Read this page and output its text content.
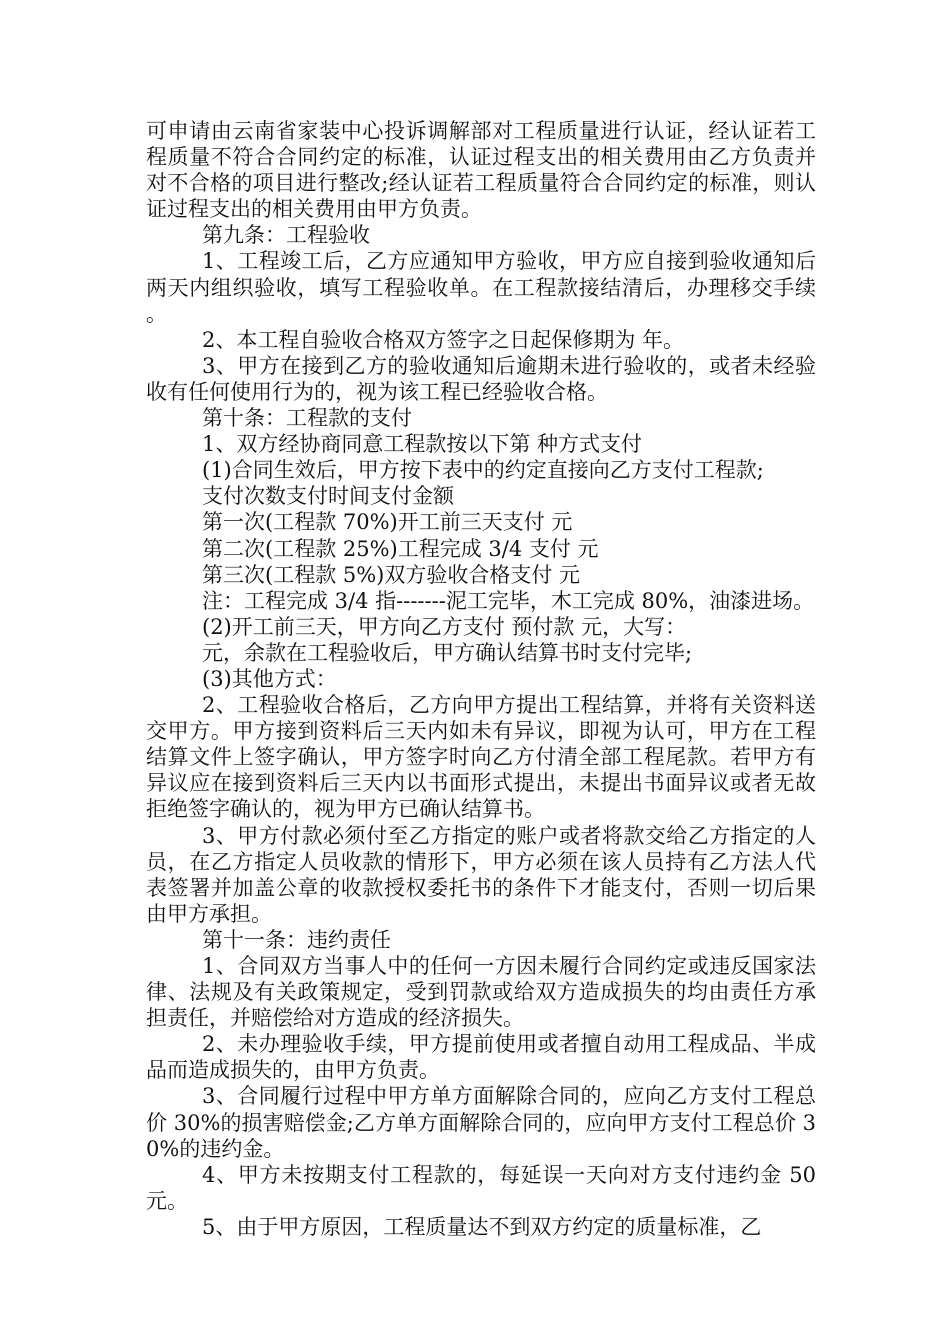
可申请由云南省家装中心投诉调解部对工程质量进行认证，经认证若工程质量不符合合同约定的标准，认证过程支出的相关费用由乙方负责并对不合格的项目进行整改;经认证若工程质量符合合同约定的标准，则认证过程支出的相关费用由甲方负责。

第九条：工程验收

1、工程竣工后，乙方应通知甲方验收，甲方应自接到验收通知后两天内组织验收，填写工程验收单。在工程款接结清后，办理移交手续。

2、本工程自验收合格双方签字之日起保修期为 年。

3、甲方在接到乙方的验收通知后逾期未进行验收的，或者未经验收有任何使用行为的，视为该工程已经验收合格。

第十条：工程款的支付

1、双方经协商同意工程款按以下第 种方式支付

(1)合同生效后，甲方按下表中的约定直接向乙方支付工程款;

支付次数支付时间支付金额

第一次(工程款 70%)开工前三天支付 元

第二次(工程款 25%)工程完成 3/4 支付 元

第三次(工程款 5%)双方验收合格支付 元

注：工程完成 3/4 指-------泥工完毕，木工完成 80%，油漆进场。

(2)开工前三天，甲方向乙方支付 预付款 元，大写：

元，余款在工程验收后，甲方确认结算书时支付完毕;

(3)其他方式：

2、工程验收合格后，乙方向甲方提出工程结算，并将有关资料送交甲方。甲方接到资料后三天内如未有异议，即视为认可，甲方在工程结算文件上签字确认，甲方签字时向乙方付清全部工程尾款。若甲方有异议应在接到资料后三天内以书面形式提出，未提出书面异议或者无故拒绝签字确认的，视为甲方已确认结算书。

3、甲方付款必须付至乙方指定的账户或者将款交给乙方指定的人员，在乙方指定人员收款的情形下，甲方必须在该人员持有乙方法人代表签署并加盖公章的收款授权委托书的条件下才能支付，否则一切后果由甲方承担。

第十一条：违约责任

1、合同双方当事人中的任何一方因未履行合同约定或违反国家法律、法规及有关政策规定，受到罚款或给双方造成损失的均由责任方承担责任，并赔偿给对方造成的经济损失。

2、未办理验收手续，甲方提前使用或者擅自动用工程成品、半成品而造成损失的，由甲方负责。

3、合同履行过程中甲方单方面解除合同的，应向乙方支付工程总价 30%的损害赔偿金;乙方单方面解除合同的，应向甲方支付工程总价 30%的违约金。

4、甲方未按期支付工程款的，每延误一天向对方支付违约金 50 元。

5、由于甲方原因，工程质量达不到双方约定的质量标准，乙
